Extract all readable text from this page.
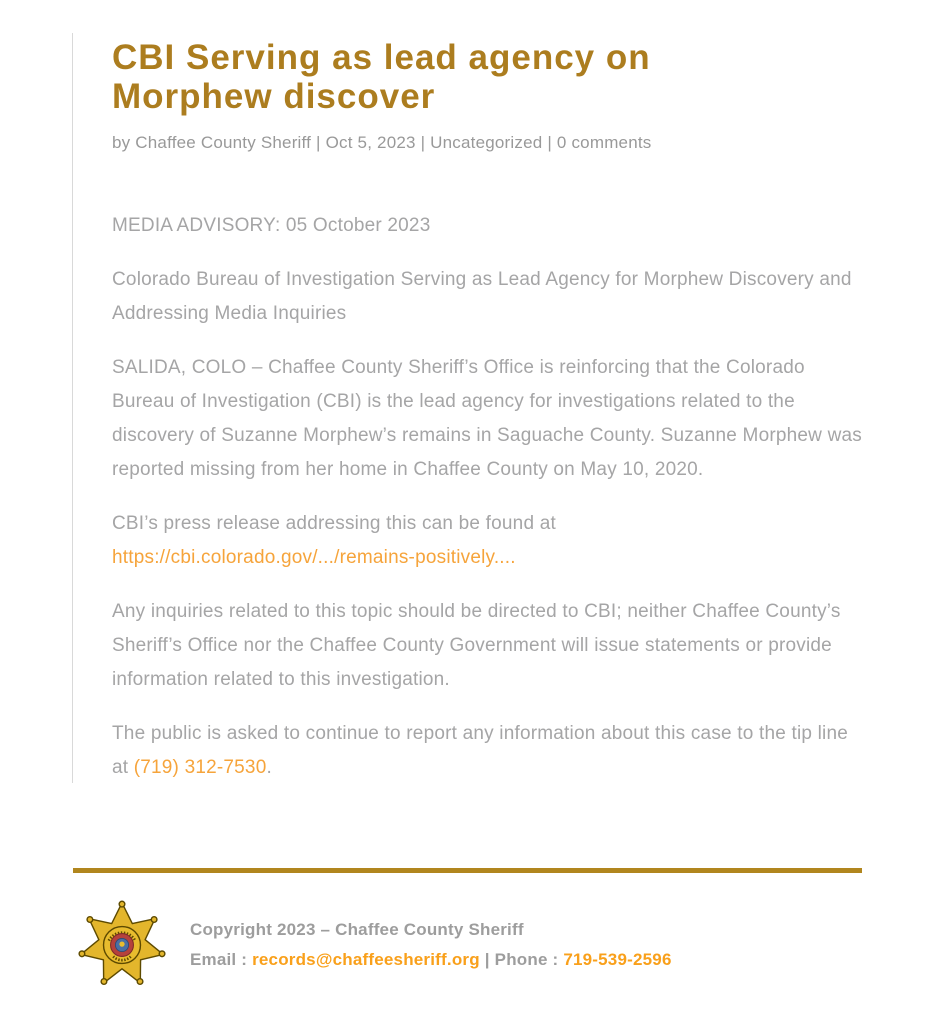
CBI Serving as lead agency on
Morphew discover
by Chaffee County Sheriff | Oct 5, 2023 | Uncategorized | 0 comments

MEDIA ADVISORY: 05 October 2023

Colorado Bureau of Investigation Serving as Lead Agency for Morphew Discovery and Addressing Media Inquiries

SALIDA, COLO – Chaffee County Sheriff’s Office is reinforcing that the Colorado Bureau of Investigation (CBI) is the lead agency for investigations related to the discovery of Suzanne Morphew’s remains in Saguache County. Suzanne Morphew was reported missing from her home in Chaffee County on May 10, 2020.

CBI’s press release addressing this can be found at
https://cbi.colorado.gov/.../remains-positively....

Any inquiries related to this topic should be directed to CBI; neither Chaffee County’s Sheriff’s Office nor the Chaffee County Government will issue statements or provide information related to this investigation.

The public is asked to continue to report any information about this case to the tip line at (719) 312-7530.

Copyright 2023 – Chaffee County Sheriff
Email : records@chaffeesheriff.org | Phone : 719-539-2596
